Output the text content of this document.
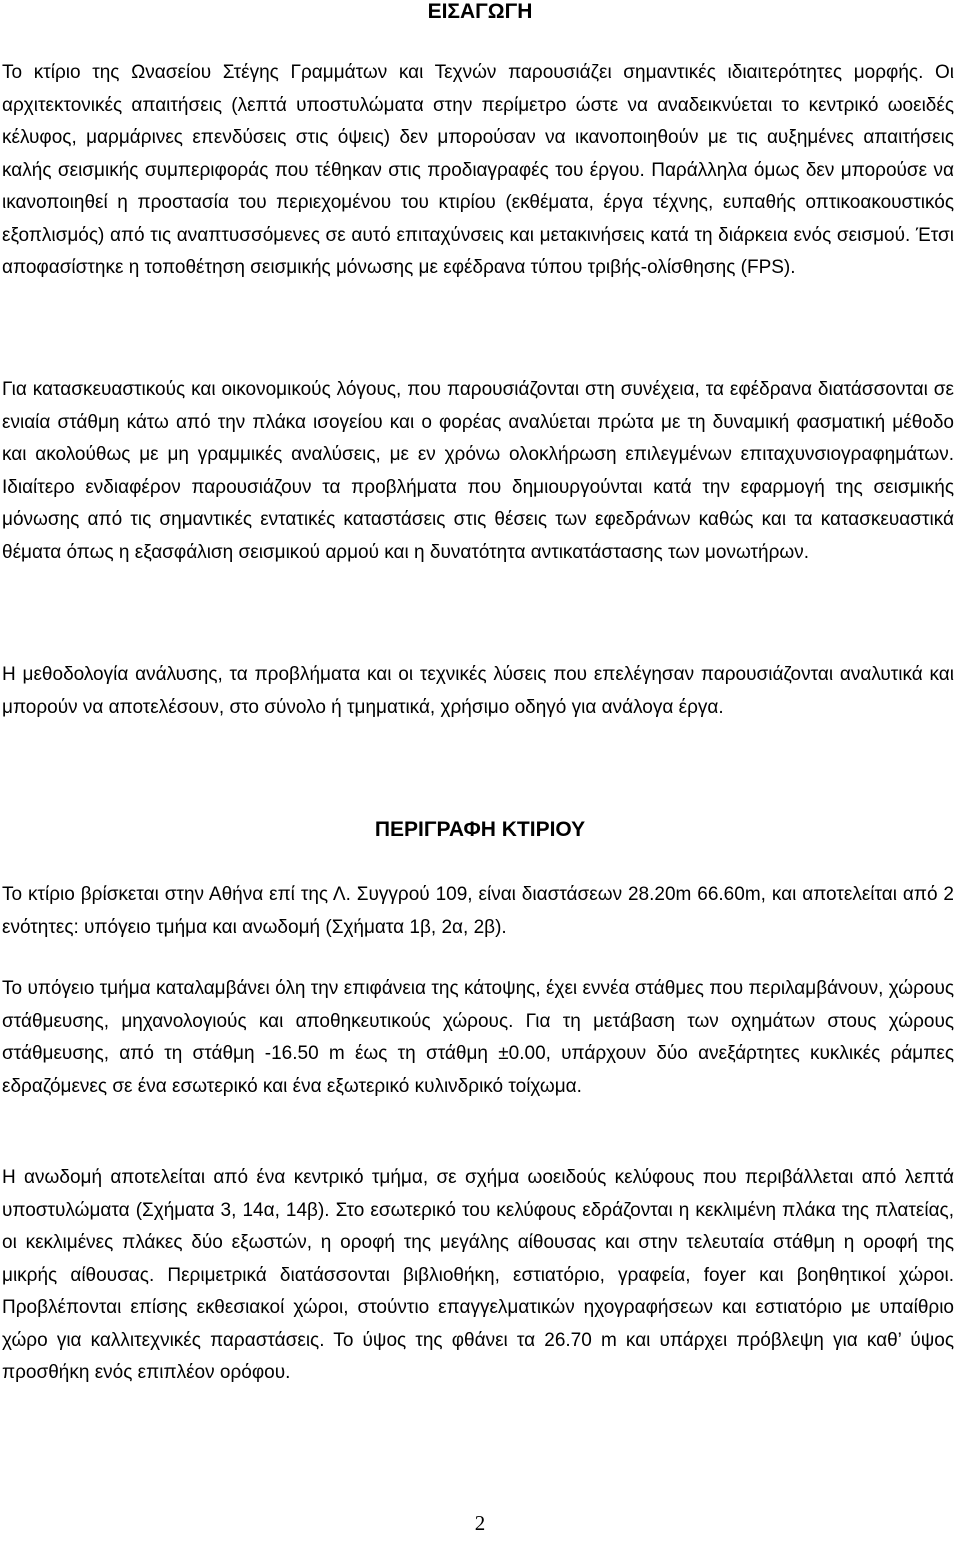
ΕΙΣΑΓΩΓΗ

Το κτίριο της Ωνασείου Στέγης Γραμμάτων και Τεχνών παρουσιάζει σημαντικές ιδιαιτερότητες μορφής. Οι αρχιτεκτονικές απαιτήσεις (λεπτά υποστυλώματα στην περίμετρο ώστε να αναδεικνύεται το κεντρικό ωοειδές κέλυφος, μαρμάρινες επενδύσεις στις όψεις) δεν μπορούσαν να ικανοποιηθούν με τις αυξημένες απαιτήσεις καλής σεισμικής συμπεριφοράς που τέθηκαν στις προδιαγραφές του έργου. Παράλληλα όμως δεν μπορούσε να ικανοποιηθεί η προστασία του περιεχομένου του κτιρίου (εκθέματα, έργα τέχνης, ευπαθής οπτικοακουστικός εξοπλισμός) από τις αναπτυσσόμενες σε αυτό επιταχύνσεις και μετακινήσεις κατά τη διάρκεια ενός σεισμού. Έτσι αποφασίστηκε η τοποθέτηση σεισμικής μόνωσης με εφέδρανα τύπου τριβής-ολίσθησης (FPS).

Για κατασκευαστικούς και οικονομικούς λόγους, που παρουσιάζονται στη συνέχεια, τα εφέδρανα διατάσσονται σε ενιαία στάθμη κάτω από την πλάκα ισογείου και ο φορέας αναλύεται πρώτα με τη δυναμική φασματική μέθοδο και ακολούθως με μη γραμμικές αναλύσεις, με εν χρόνω ολοκλήρωση επιλεγμένων επιταχυνσιογραφημάτων. Ιδιαίτερο ενδιαφέρον παρουσιάζουν τα προβλήματα που δημιουργούνται κατά την εφαρμογή της σεισμικής μόνωσης από τις σημαντικές εντατικές καταστάσεις στις θέσεις των εφεδράνων καθώς και τα κατασκευαστικά θέματα όπως η εξασφάλιση σεισμικού αρμού και η δυνατότητα αντικατάστασης των μονωτήρων.

Η μεθοδολογία ανάλυσης, τα προβλήματα και οι τεχνικές λύσεις που επελέγησαν παρουσιάζονται αναλυτικά και μπορούν να αποτελέσουν, στο σύνολο ή τμηματικά, χρήσιμο οδηγό για ανάλογα έργα.

ΠΕΡΙΓΡΑΦΗ ΚΤΙΡΙΟΥ

Το κτίριο βρίσκεται στην Αθήνα επί της Λ. Συγγρού 109, είναι διαστάσεων 28.20m 66.60m, και αποτελείται από 2 ενότητες: υπόγειο τμήμα και ανωδομή (Σχήματα 1β, 2α, 2β).

Το υπόγειο τμήμα καταλαμβάνει όλη την επιφάνεια της κάτοψης, έχει εννέα στάθμες που περιλαμβάνουν, χώρους στάθμευσης, μηχανολογιούς και αποθηκευτικούς χώρους. Για τη μετάβαση των οχημάτων στους χώρους στάθμευσης, από τη στάθμη -16.50 m έως τη στάθμη ±0.00, υπάρχουν δύο ανεξάρτητες κυκλικές ράμπες εδραζόμενες σε ένα εσωτερικό και ένα εξωτερικό κυλινδρικό τοίχωμα.

Η ανωδομή αποτελείται από ένα κεντρικό τμήμα, σε σχήμα ωοειδούς κελύφους που περιβάλλεται από λεπτά υποστυλώματα (Σχήματα 3, 14α, 14β). Στο εσωτερικό του κελύφους εδράζονται η κεκλιμένη πλάκα της πλατείας, οι κεκλιμένες πλάκες δύο εξωστών, η οροφή της μεγάλης αίθουσας και στην τελευταία στάθμη η οροφή της μικρής αίθουσας. Περιμετρικά διατάσσονται βιβλιοθήκη, εστιατόριο, γραφεία, foyer και βοηθητικοί χώροι. Προβλέπονται επίσης εκθεσιακοί χώροι, στούντιο επαγγελματικών ηχογραφήσεων και εστιατόριο με υπαίθριο χώρο για καλλιτεχνικές παραστάσεις. Το ύψος της φθάνει τα 26.70 m και υπάρχει πρόβλεψη για καθ’ ύψος προσθήκη ενός επιπλέον ορόφου.

2
